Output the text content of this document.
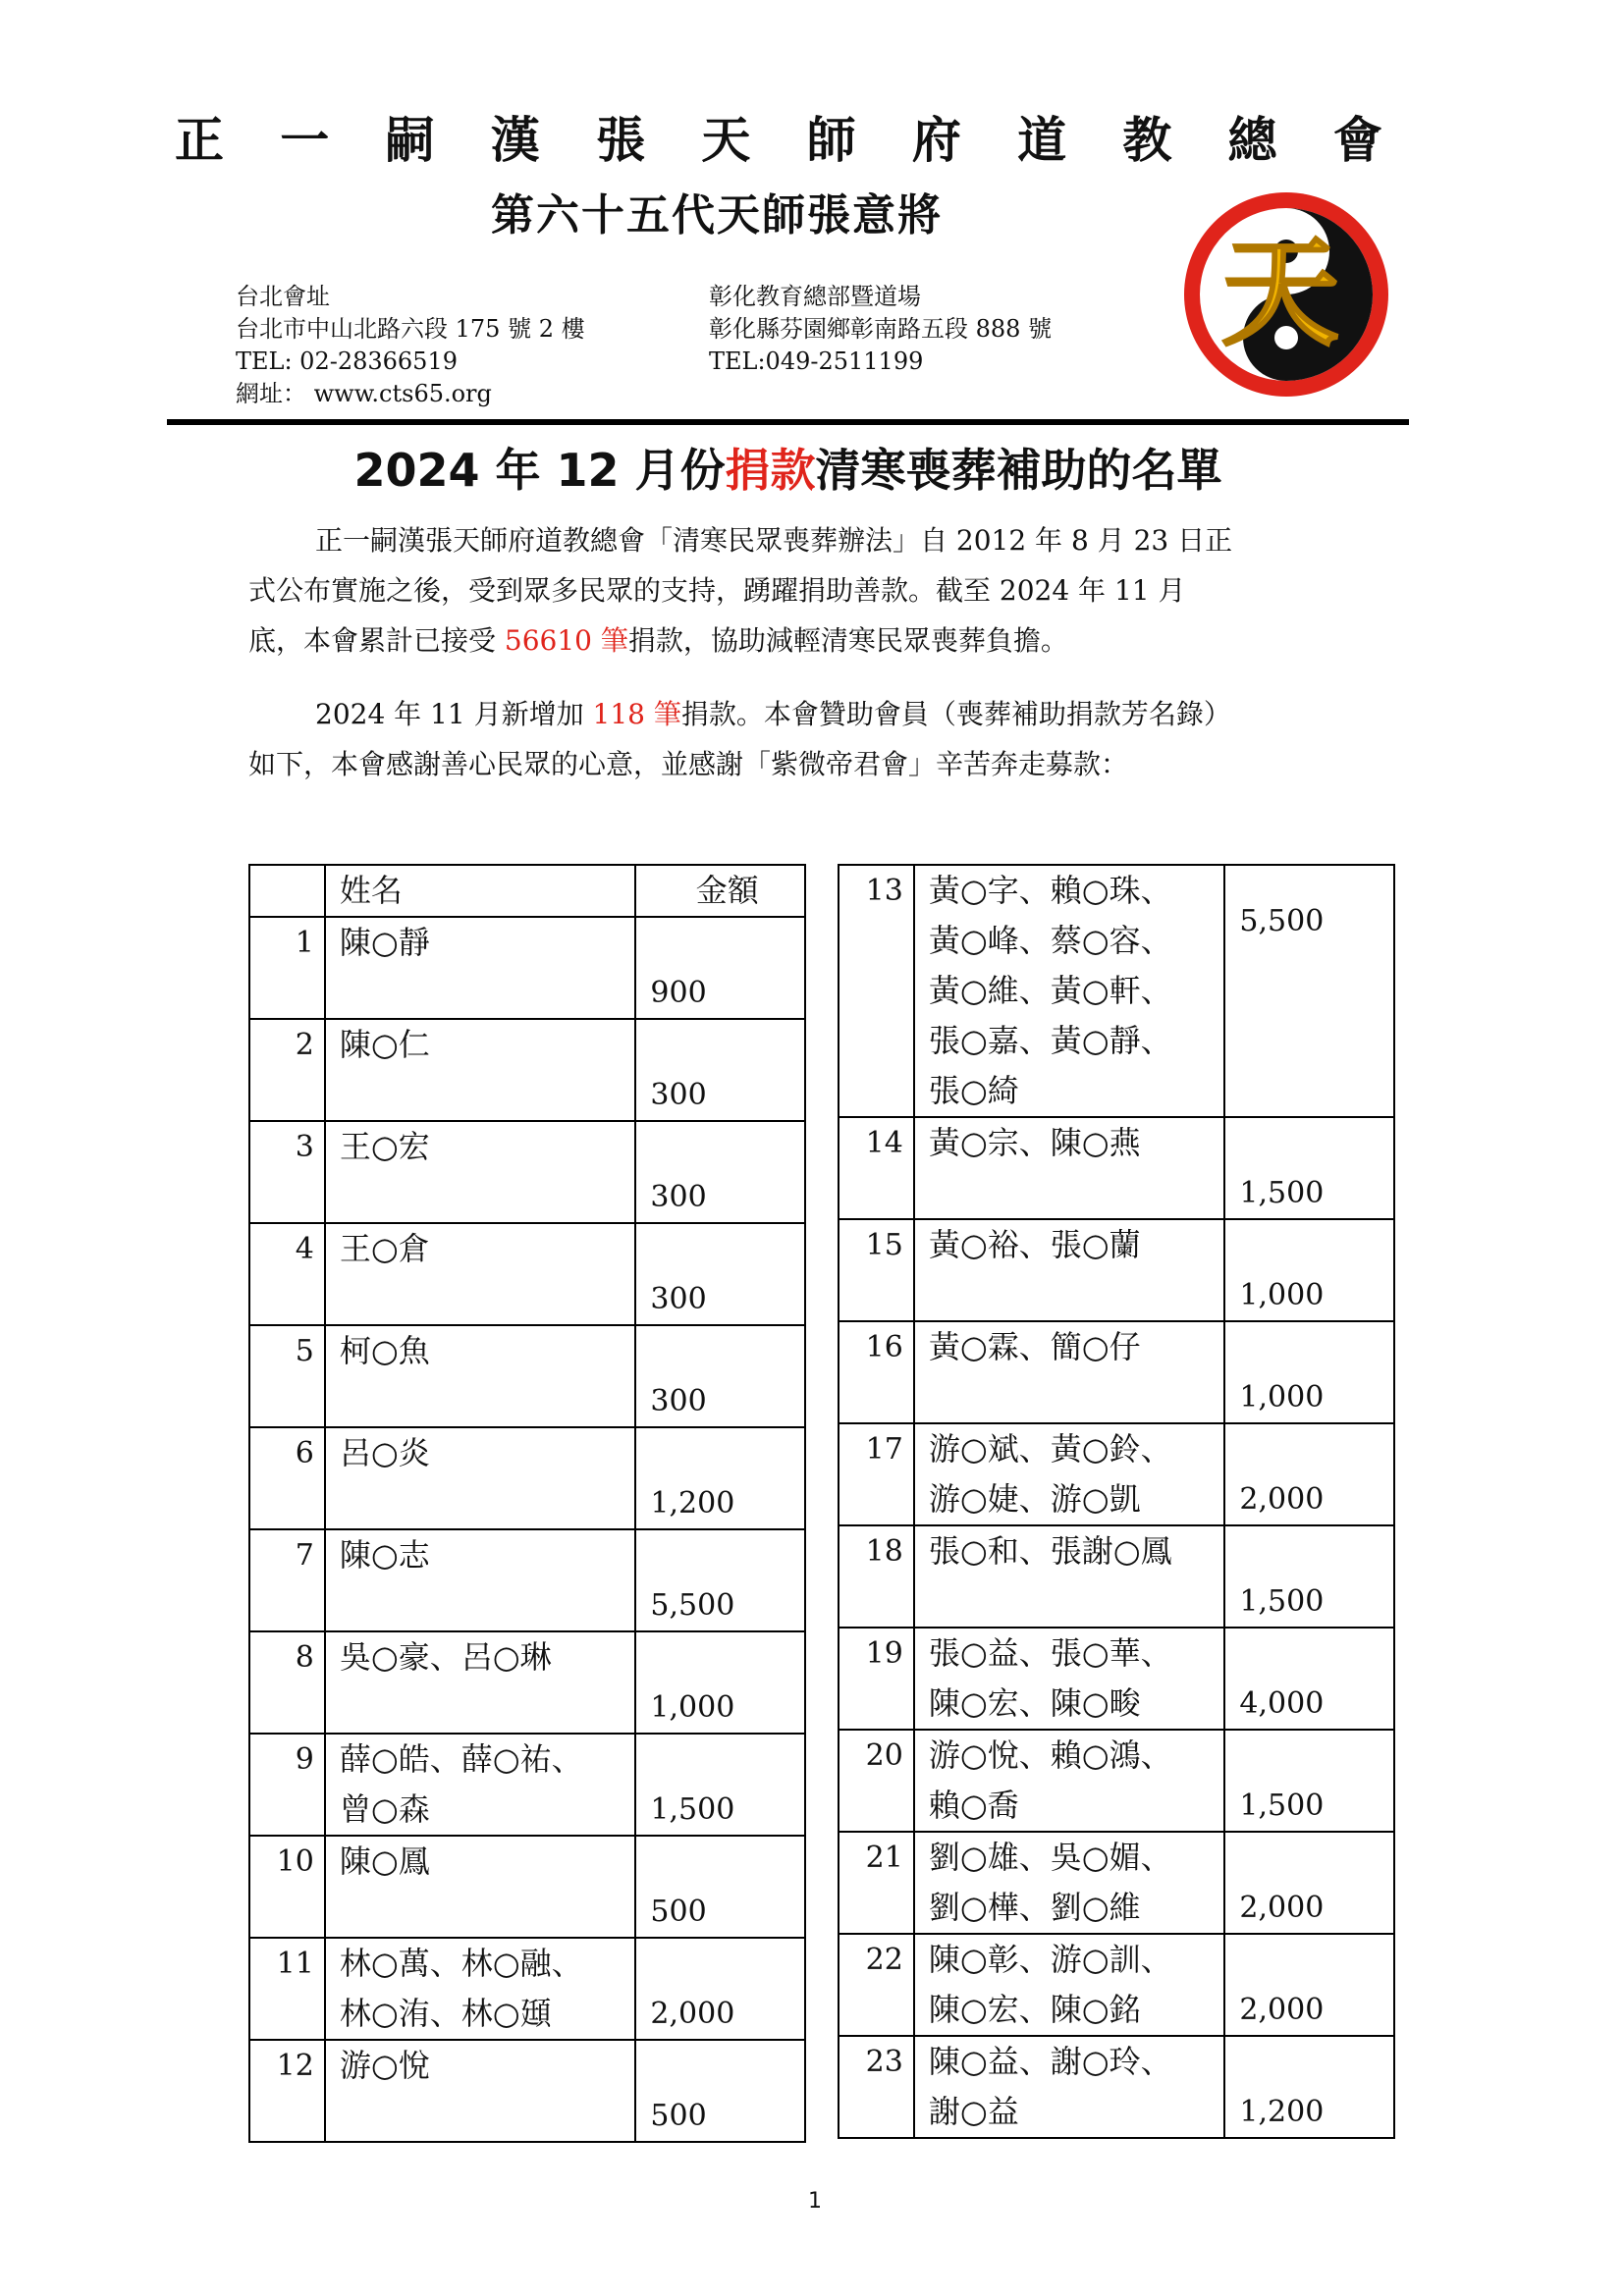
正 一 嗣 漢 張 天 師 府 道 教 總 會
第六十五代天師張意將
台北會址
台北市中山北路六段 175 號 2 樓
TEL: 02-28366519
網址： www.cts65.org
彰化教育總部暨道場
彰化縣芬園鄉彰南路五段 888 號
TEL:049-2511199	天
2024 年 12 月份捐款清寒喪葬補助的名單

正一嗣漢張天師府道教總會「清寒民眾喪葬辦法」自 2012 年 8 月 23 日正

式公布實施之後，受到眾多民眾的支持，踴躍捐助善款。截至 2024 年 11 月

底，本會累計已接受 56610 筆捐款，協助減輕清寒民眾喪葬負擔。

2024 年 11 月新增加 118 筆捐款。本會贊助會員（喪葬補助捐款芳名錄）

如下，本會感謝善心民眾的心意，並感謝「紫微帝君會」辛苦奔走募款：

	姓名	金額
1	陳○靜	900

2	陳○仁	300

3	王○宏	300

4	王○倉	300

5	柯○魚	300

6	呂○炎	1,200

7	陳○志	5,500

8	吳○豪、呂○琳	1,000

9	薛○皓、薛○祐、
曾○森	1,500

10	陳○鳳	500

11	林○萬、林○融、
林○洧、林○頲	2,000

12	游○悅	500
13	黃○字、賴○珠、
黃○峰、蔡○容、
黃○維、黃○軒、
張○嘉、黃○靜、
張○綺	5,500

14	黃○宗、陳○燕	1,500

15	黃○裕、張○蘭	1,000

16	黃○霖、簡○仔	1,000

17	游○斌、黃○鈴、
游○婕、游○凱	2,000

18	張○和、張謝○鳳	1,500

19	張○益、張○華、
陳○宏、陳○畯	4,000

20	游○悅、賴○鴻、
賴○喬	1,500

21	劉○雄、吳○媚、
劉○樺、劉○維	2,000

22	陳○彰、游○訓、
陳○宏、陳○銘	2,000

23	陳○益、謝○玲、
謝○益	1,200
1
